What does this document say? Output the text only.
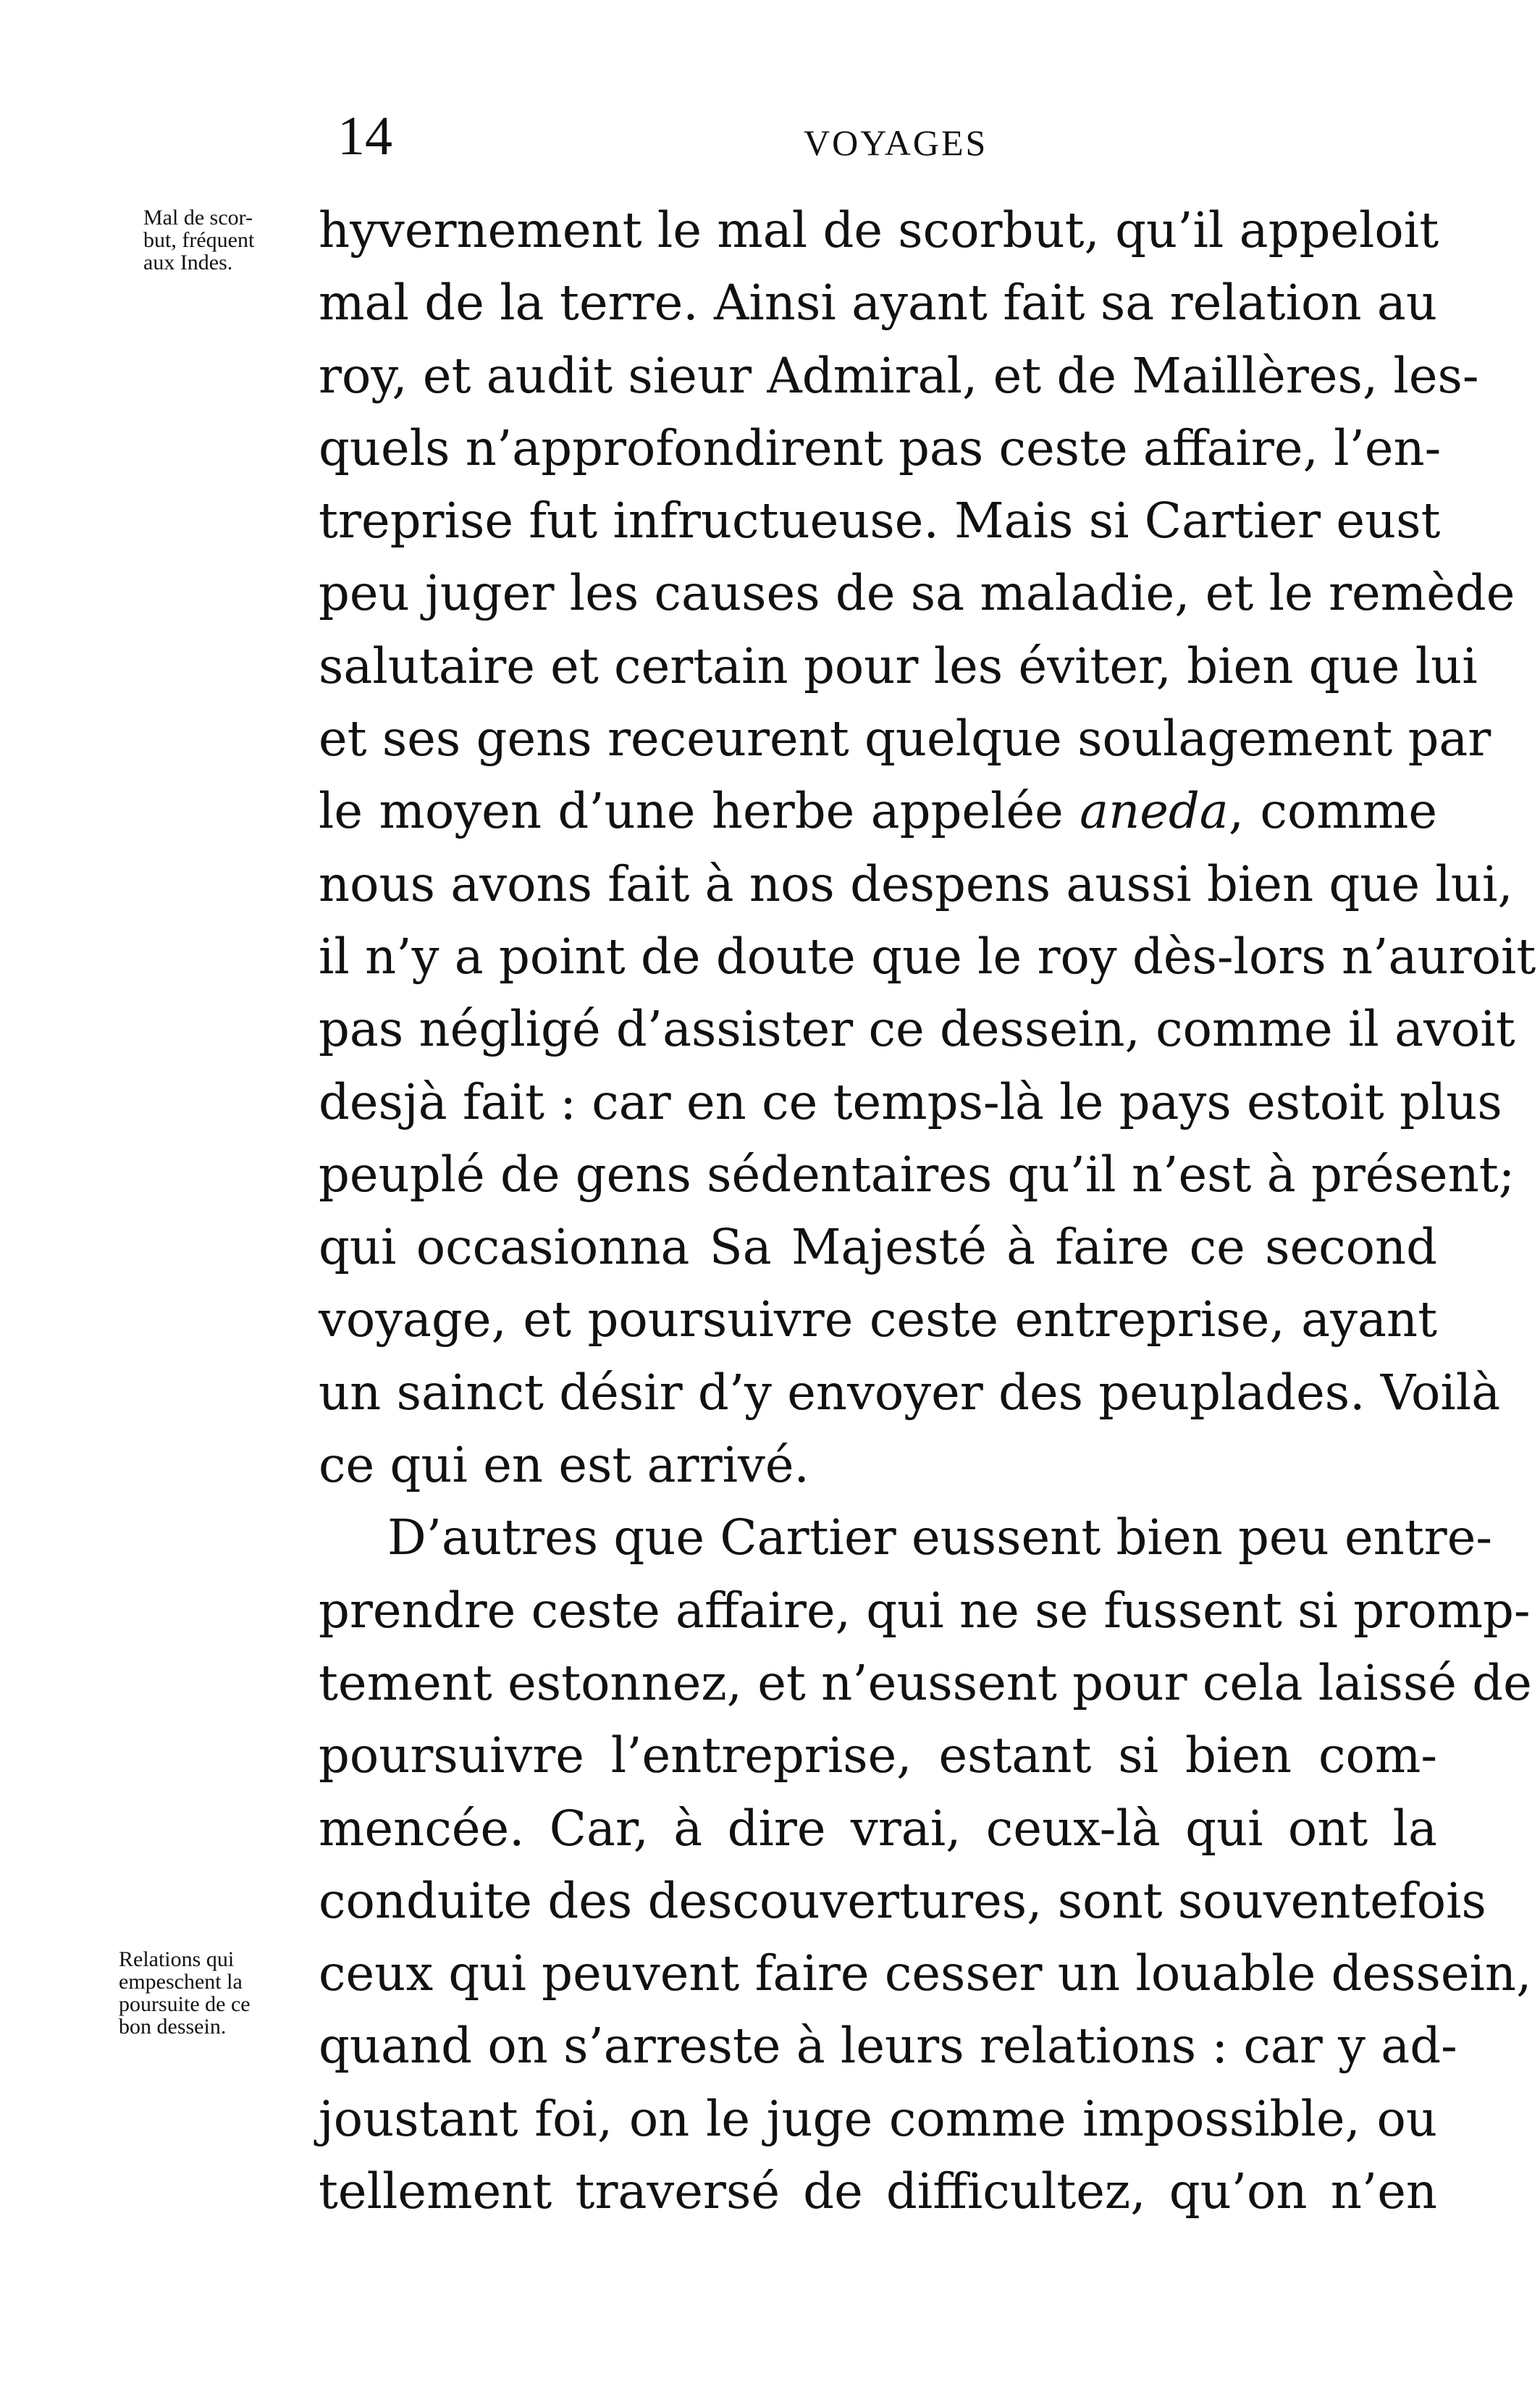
14	VOYAGES
Mal de scor-
but, fréquent
aux Indes.
Relations qui
empeschent la
poursuite de ce
bon dessein.
hyvernement le mal de scorbut, qu’il appeloit
mal de la terre. Ainsi ayant fait sa relation au
roy, et audit sieur Admiral, et de Maillères, les-
quels n’approfondirent pas ceste affaire, l’en-
treprise fut infructueuse. Mais si Cartier eust
peu juger les causes de sa maladie, et le remède
salutaire et certain pour les éviter, bien que lui
et ses gens receurent quelque soulagement par
le moyen d’une herbe appelée aneda, comme
nous avons fait à nos despens aussi bien que lui,
il n’y a point de doute que le roy dès-lors n’auroit
pas négligé d’assister ce dessein, comme il avoit
desjà fait : car en ce temps-là le pays estoit plus
peuplé de gens sédentaires qu’il n’est à présent;
qui occasionna Sa Majesté à faire ce second
voyage, et poursuivre ceste entreprise, ayant
un sainct désir d’y envoyer des peuplades. Voilà
ce qui en est arrivé.
D’autres que Cartier eussent bien peu entre-
prendre ceste affaire, qui ne se fussent si promp-
tement estonnez, et n’eussent pour cela laissé de
poursuivre l’entreprise, estant si bien com-
mencée. Car, à dire vrai, ceux-là qui ont la
conduite des descouvertures, sont souventefois
ceux qui peuvent faire cesser un louable dessein,
quand on s’arreste à leurs relations : car y ad-
joustant foi, on le juge comme impossible, ou
tellement traversé de difficultez, qu’on n’en
